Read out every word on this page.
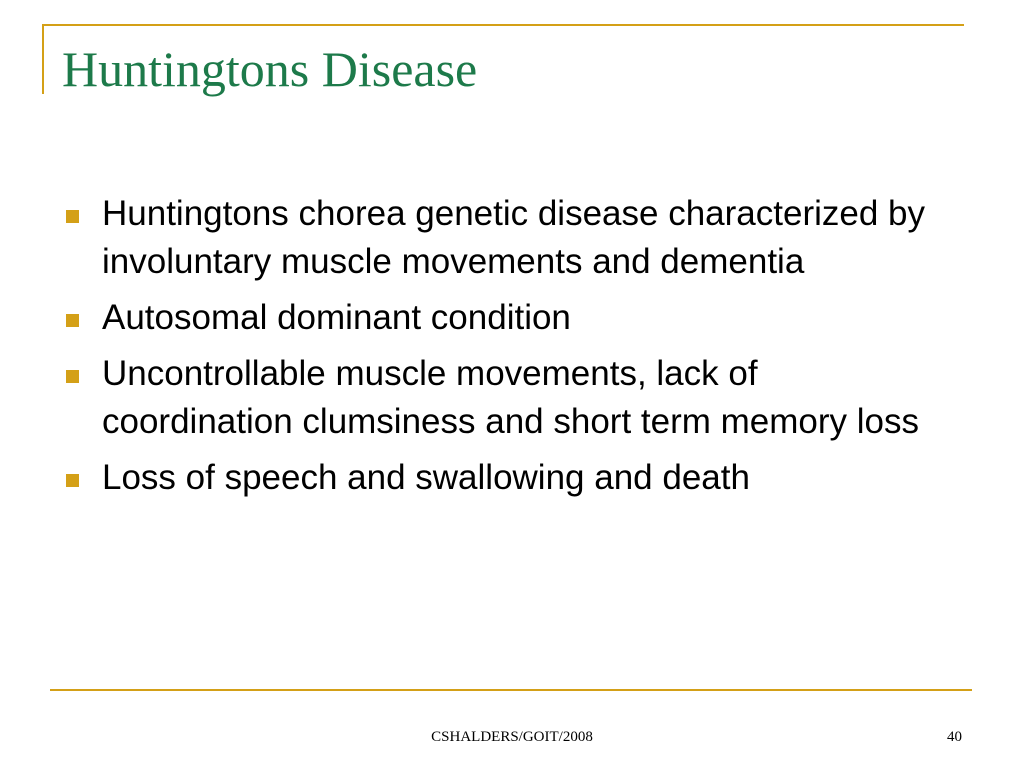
Huntingtons Disease
Huntingtons chorea genetic disease characterized by involuntary muscle movements and dementia
Autosomal dominant condition
Uncontrollable muscle movements, lack of coordination clumsiness and short term memory loss
Loss of speech and swallowing and death
CSHALDERS/GOIT/2008	40
